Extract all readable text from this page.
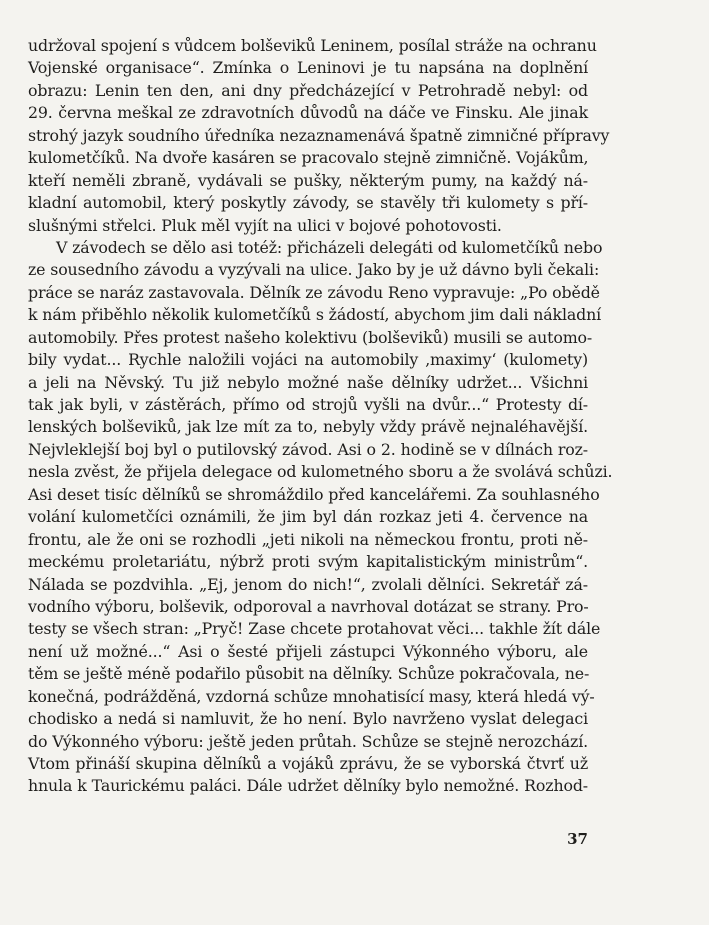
udržoval spojení s vůdcem bolševiků Leninem, posílal stráže na ochranu
Vojenské organisace“. Zmínka o Leninovi je tu napsána na doplnění
obrazu: Lenin ten den, ani dny předcházející v Petrohradě nebyl: od
29. června meškal ze zdravotních důvodů na dáče ve Finsku. Ale jinak
strohý jazyk soudního úředníka nezaznamenává špatně zimničné přípravy
kulometčíků. Na dvoře kasáren se pracovalo stejně zimničně. Vojákům,
kteří neměli zbraně, vydávali se pušky, některým pumy, na každý ná-
kladní automobil, který poskytly závody, se stavěly tři kulomety s pří-
slušnými střelci. Pluk měl vyjít na ulici v bojové pohotovosti.
V závodech se dělo asi totéž: přicházeli delegáti od kulometčíků nebo
ze sousedního závodu a vyzývali na ulice. Jako by je už dávno byli čekali:
práce se naráz zastavovala. Dělník ze závodu Reno vypravuje: „Po obědě
k nám přiběhlo několik kulometčíků s žádostí, abychom jim dali nákladní
automobily. Přes protest našeho kolektivu (bolševiků) musili se automo-
bily vydat... Rychle naložili vojáci na automobily ‚maximy‘ (kulomety)
a jeli na Něvský. Tu již nebylo možné naše dělníky udržet... Všichni
tak jak byli, v zástěrách, přímo od strojů vyšli na dvůr...“ Protesty dí-
lenských bolševiků, jak lze mít za to, nebyly vždy právě nejnaléhavější.
Nejvleklejší boj byl o putilovský závod. Asi o 2. hodině se v dílnách roz-
nesla zvěst, že přijela delegace od kulometného sboru a že svolává schůzi.
Asi deset tisíc dělníků se shromáždilo před kancelářemi. Za souhlasného
volání kulometčíci oznámili, že jim byl dán rozkaz jeti 4. července na
frontu, ale že oni se rozhodli „jeti nikoli na německou frontu, proti ně-
meckému proletariátu, nýbrž proti svým kapitalistickým ministrům“.
Nálada se pozdvihla. „Ej, jenom do nich!“, zvolali dělníci. Sekretář zá-
vodního výboru, bolševik, odporoval a navrhoval dotázat se strany. Pro-
testy se všech stran: „Pryč! Zase chcete protahovat věci... takhle žít dále
není už možné...“ Asi o šesté přijeli zástupci Výkonného výboru, ale
těm se ještě méně podařilo působit na dělníky. Schůze pokračovala, ne-
konečná, podrážděná, vzdorná schůze mnohatisící masy, která hledá vý-
chodisko a nedá si namluvit, že ho není. Bylo navrženo vyslat delegaci
do Výkonného výboru: ještě jeden průtah. Schůze se stejně nerozchází.
Vtom přináší skupina dělníků a vojáků zprávu, že se vyborská čtvrť už
hnula k Taurickému paláci. Dále udržet dělníky bylo nemožné. Rozhod-
37
